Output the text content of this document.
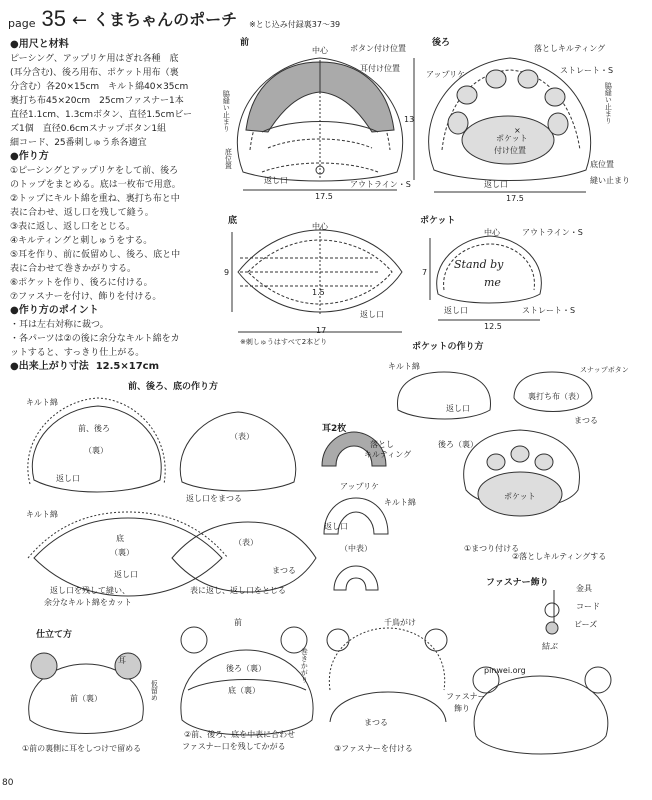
page 35 ← くまちゃんのポーチ ※とじ込み付録裏37〜39

●用尺と材料

ピーシング、アップリケ用はぎれ各種　底

(耳分含む)、後ろ用布、ポケット用布（裏

分含む）各20×15cm　キルト綿40×35cm

裏打ち布45×20cm　25cmファスナー1本

直径1.1cm、1.3cmボタン、直径1.5cmビー

ズ1個　直径0.6cmスナップボタン1組

細コード、25番刺しゅう糸各適宜

●作り方

①ピーシングとアップリケをして前、後ろ

のトップをまとめる。底は一枚布で用意。

②トップにキルト綿を重ね、裏打ち布と中

表に合わせ、返し口を残して縫う。

③表に返し、返し口をとじる。

④キルティングと刺しゅうをする。

⑤耳を作り、前に仮留めし、後ろ、底と中

表に合わせて巻きかがりする。

⑥ポケットを作り、後ろに付ける。

⑦ファスナーを付け、飾りを付ける。

●作り方のポイント

・耳は左右対称に裁つ。

・各パーツは②の後に余分なキルト綿をカ

ットすると、すっきり仕上がる。

●出来上がり寸法 12.5×17cm

前
中心	ボタン付け位置
耳付け位置
脇縫い止まり
底位置
返し口	アウトライン・S
13
17.5
後ろ
落としキルティング
アップリケ	ストレート・S
脇縫い止まり
×
ポケット
付け位置
底位置
返し口	縫い止まり
17.5
底
中心
9
1.5
返し口
17
※刺しゅうはすべて2本どり
ポケット
中心	アウトライン・S
7
Stand by
me
返し口	ストレート・S
12.5
前、後ろ、底の作り方
キルト綿
前、後ろ
（裏）
返し口
（表）
返し口をまつる
キルト綿
底
（裏）
返し口
（表）
まつる
返し口を残して縫い、
余分なキルト綿をカット
表に返し、返し口をとじる
耳2枚
落とし
キルティング
アップリケ
キルト綿
返し口
（中表）
ポケットの作り方
キルト綿
返し口
スナップボタン
裏打ち布（表）
まつる
後ろ（裏）
ポケット
①まつり付ける
②落としキルティングする
ファスナー飾り
金具
コード
ビーズ
結ぶ
仕立て方
耳
前（裏）	仮留め
①前の裏側に耳をしつけで留める
前
後ろ（裏）
底（裏）
巻きかがり
②前、後ろ、底を中表に合わせ
ファスナー口を残してかがる
千鳥がけ
まつる
③ファスナーを付ける
ファスナー
飾り
pinwei.org
80
